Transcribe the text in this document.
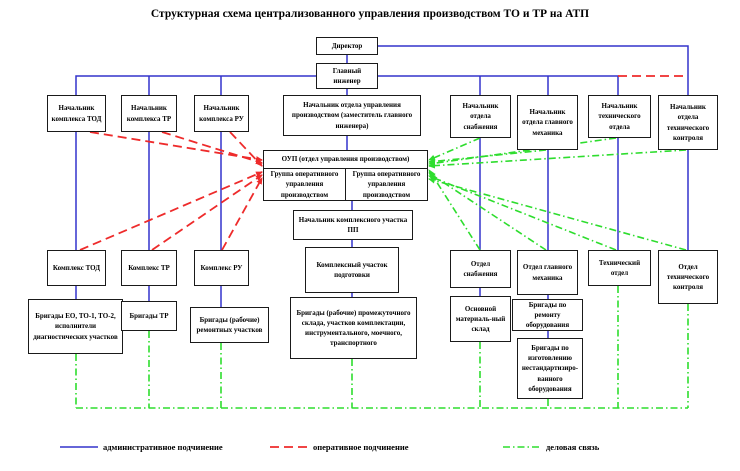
Структурная схема централизованного управления производством ТО и ТР на АТП
Директор
Главный инженер
Начальник комплекса ТОД
Начальник комплекса ТР
Начальник комплекса РУ
Начальник отдела управления производством (заместитель главного инженера)
Начальник отдела снабжения
Начальник отдела главного механика
Начальник технического отдела
Начальник отдела технического контроля
ОУП (отдел управления производством)
Группа оперативного управления производством
Группа оперативного управления производством
Начальник комплексного участка ПП
Комплекс ТОД	Комплекс ТР	Комплекс РУ	Комплексный участок подготовки
Отдел снабжения
Отдел главного механика
Технический отдел
Отдел технического контроля
Бригады ЕО, ТО-1, ТО-2, исполнители диагностических участков
Бригады ТР	Бригады (рабочие) ремонтных участков
Бригады (рабочие) промежуточного склада, участков комплектации, инструментального, моечного, транспортного
Основной материаль-ный склад
Бригады по ремонту оборудования
Бригады по изготовлению нестандартизиро-ванного оборудования
административное подчинение	оперативное подчинение	деловая связь
